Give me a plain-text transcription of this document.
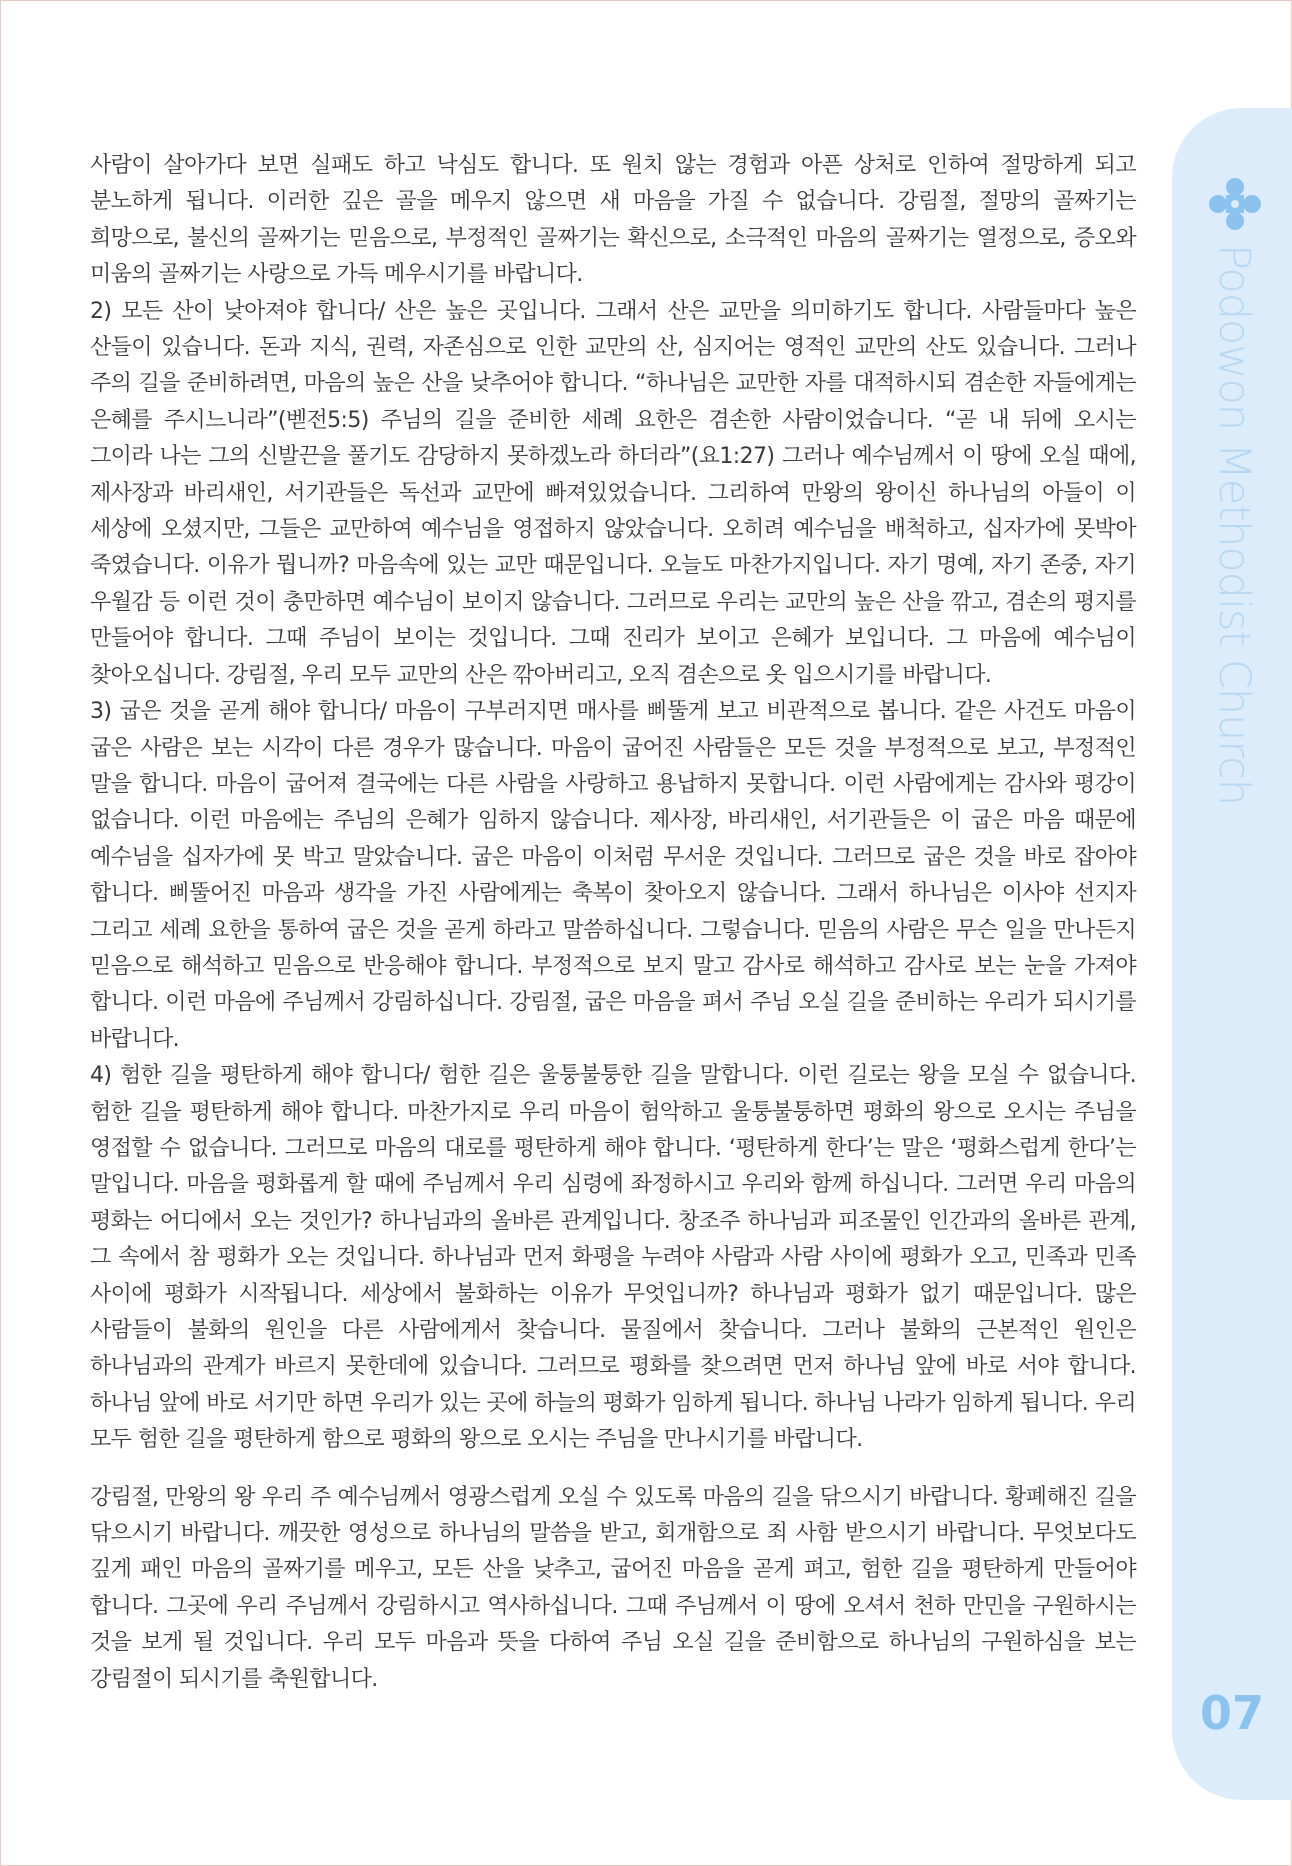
사람이 살아가다 보면 실패도 하고 낙심도 합니다. 또 원치 않는 경험과 아픈 상처로 인하여 절망하게 되고 분노하게 됩니다. 이러한 깊은 골을 메우지 않으면 새 마음을 가질 수 없습니다. 강림절, 절망의 골짜기는 희망으로, 불신의 골짜기는 믿음으로, 부정적인 골짜기는 확신으로, 소극적인 마음의 골짜기는 열정으로, 증오와 미움의 골짜기는 사랑으로 가득 메우시기를 바랍니다.

2) 모든 산이 낮아져야 합니다/ 산은 높은 곳입니다. 그래서 산은 교만을 의미하기도 합니다. 사람들마다 높은 산들이 있습니다. 돈과 지식, 권력, 자존심으로 인한 교만의 산, 심지어는 영적인 교만의 산도 있습니다. 그러나 주의 길을 준비하려면, 마음의 높은 산을 낮추어야 합니다. “하나님은 교만한 자를 대적하시되 겸손한 자들에게는 은혜를 주시느니라”(벧전5:5) 주님의 길을 준비한 세례 요한은 겸손한 사람이었습니다. “곧 내 뒤에 오시는 그이라 나는 그의 신발끈을 풀기도 감당하지 못하겠노라 하더라”(요1:27) 그러나 예수님께서 이 땅에 오실 때에, 제사장과 바리새인, 서기관들은 독선과 교만에 빠져있었습니다. 그리하여 만왕의 왕이신 하나님의 아들이 이 세상에 오셨지만, 그들은 교만하여 예수님을 영접하지 않았습니다. 오히려 예수님을 배척하고, 십자가에 못박아 죽였습니다. 이유가 뭡니까? 마음속에 있는 교만 때문입니다. 오늘도 마찬가지입니다. 자기 명예, 자기 존중, 자기 우월감 등 이런 것이 충만하면 예수님이 보이지 않습니다. 그러므로 우리는 교만의 높은 산을 깎고, 겸손의 평지를 만들어야 합니다. 그때 주님이 보이는 것입니다. 그때 진리가 보이고 은혜가 보입니다. 그 마음에 예수님이 찾아오십니다. 강림절, 우리 모두 교만의 산은 깎아버리고, 오직 겸손으로 옷 입으시기를 바랍니다.

3) 굽은 것을 곧게 해야 합니다/ 마음이 구부러지면 매사를 삐뚤게 보고 비관적으로 봅니다. 같은 사건도 마음이 굽은 사람은 보는 시각이 다른 경우가 많습니다. 마음이 굽어진 사람들은 모든 것을 부정적으로 보고, 부정적인 말을 합니다. 마음이 굽어져 결국에는 다른 사람을 사랑하고 용납하지 못합니다. 이런 사람에게는 감사와 평강이 없습니다. 이런 마음에는 주님의 은혜가 임하지 않습니다. 제사장, 바리새인, 서기관들은 이 굽은 마음 때문에 예수님을 십자가에 못 박고 말았습니다. 굽은 마음이 이처럼 무서운 것입니다. 그러므로 굽은 것을 바로 잡아야 합니다. 삐뚤어진 마음과 생각을 가진 사람에게는 축복이 찾아오지 않습니다. 그래서 하나님은 이사야 선지자 그리고 세례 요한을 통하여 굽은 것을 곧게 하라고 말씀하십니다. 그렇습니다. 믿음의 사람은 무슨 일을 만나든지 믿음으로 해석하고 믿음으로 반응해야 합니다. 부정적으로 보지 말고 감사로 해석하고 감사로 보는 눈을 가져야 합니다. 이런 마음에 주님께서 강림하십니다. 강림절, 굽은 마음을 펴서 주님 오실 길을 준비하는 우리가 되시기를 바랍니다.

4) 험한 길을 평탄하게 해야 합니다/ 험한 길은 울퉁불퉁한 길을 말합니다. 이런 길로는 왕을 모실 수 없습니다. 험한 길을 평탄하게 해야 합니다. 마찬가지로 우리 마음이 험악하고 울퉁불퉁하면 평화의 왕으로 오시는 주님을 영접할 수 없습니다. 그러므로 마음의 대로를 평탄하게 해야 합니다. ‘평탄하게 한다’는 말은 ‘평화스럽게 한다’는 말입니다. 마음을 평화롭게 할 때에 주님께서 우리 심령에 좌정하시고 우리와 함께 하십니다. 그러면 우리 마음의 평화는 어디에서 오는 것인가? 하나님과의 올바른 관계입니다. 창조주 하나님과 피조물인 인간과의 올바른 관계, 그 속에서 참 평화가 오는 것입니다. 하나님과 먼저 화평을 누려야 사람과 사람 사이에 평화가 오고, 민족과 민족 사이에 평화가 시작됩니다. 세상에서 불화하는 이유가 무엇입니까? 하나님과 평화가 없기 때문입니다. 많은 사람들이 불화의 원인을 다른 사람에게서 찾습니다. 물질에서 찾습니다. 그러나 불화의 근본적인 원인은 하나님과의 관계가 바르지 못한데에 있습니다. 그러므로 평화를 찾으려면 먼저 하나님 앞에 바로 서야 합니다. 하나님 앞에 바로 서기만 하면 우리가 있는 곳에 하늘의 평화가 임하게 됩니다. 하나님 나라가 임하게 됩니다. 우리 모두 험한 길을 평탄하게 함으로 평화의 왕으로 오시는 주님을 만나시기를 바랍니다.

강림절, 만왕의 왕 우리 주 예수님께서 영광스럽게 오실 수 있도록 마음의 길을 닦으시기 바랍니다. 황폐해진 길을 닦으시기 바랍니다. 깨끗한 영성으로 하나님의 말씀을 받고, 회개함으로 죄 사함 받으시기 바랍니다. 무엇보다도 깊게 패인 마음의 골짜기를 메우고, 모든 산을 낮추고, 굽어진 마음을 곧게 펴고, 험한 길을 평탄하게 만들어야 합니다. 그곳에 우리 주님께서 강림하시고 역사하십니다. 그때 주님께서 이 땅에 오셔서 천하 만민을 구원하시는 것을 보게 될 것입니다. 우리 모두 마음과 뜻을 다하여 주님 오실 길을 준비함으로 하나님의 구원하심을 보는 강림절이 되시기를 축원합니다.

Podowon Methodist Church
07
